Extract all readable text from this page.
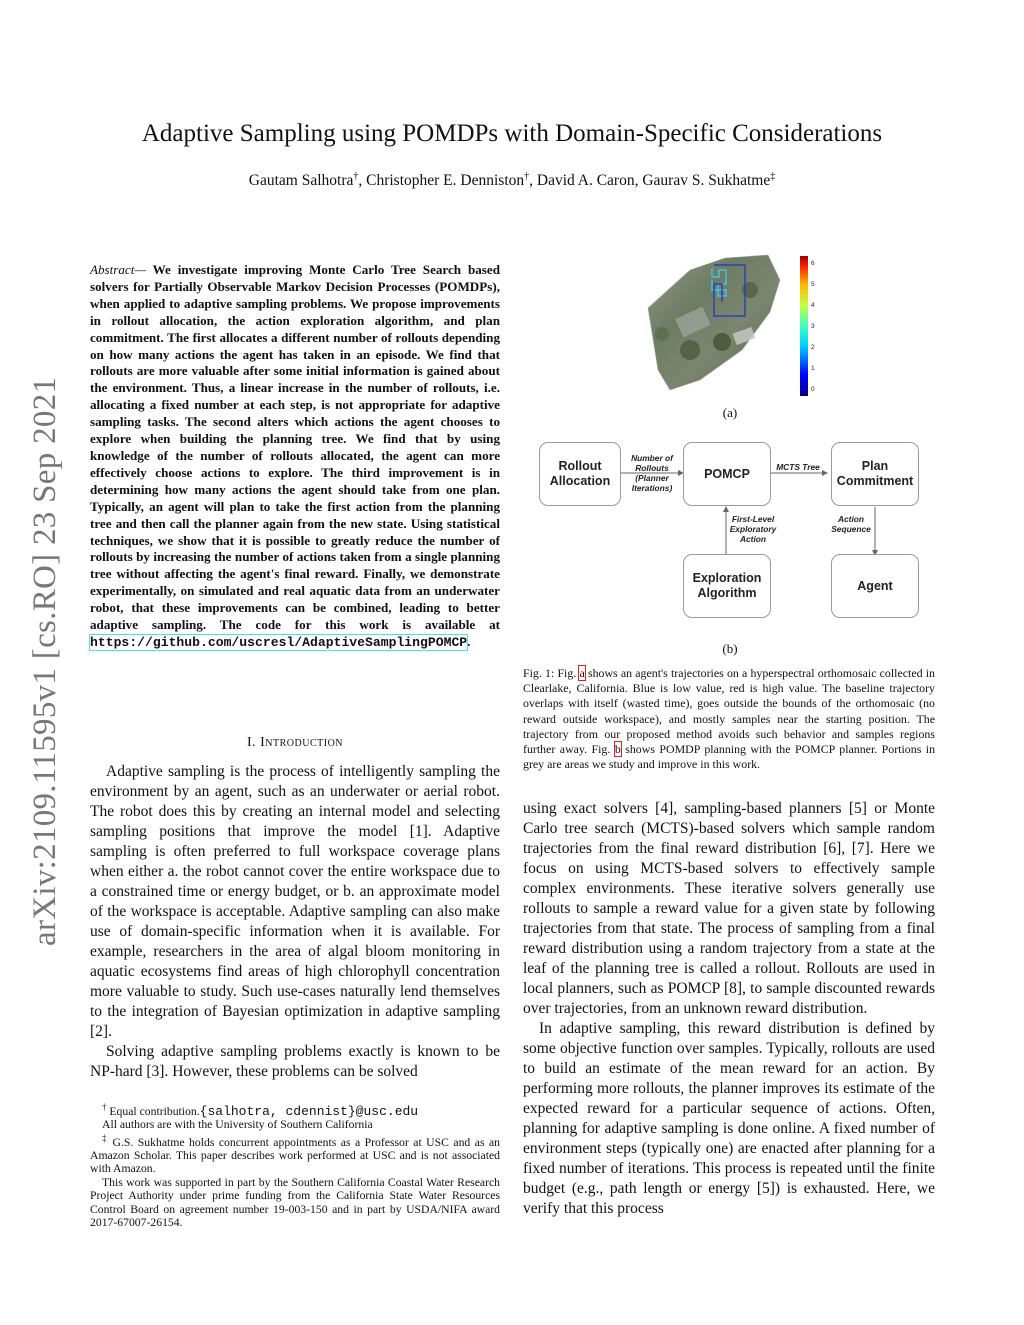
arXiv:2109.11595v1 [cs.RO] 23 Sep 2021
Adaptive Sampling using POMDPs with Domain-Specific Considerations
Gautam Salhotra†, Christopher E. Denniston†, David A. Caron, Gaurav S. Sukhatme‡
Abstract— We investigate improving Monte Carlo Tree Search based solvers for Partially Observable Markov Decision Processes (POMDPs), when applied to adaptive sampling problems. We propose improvements in rollout allocation, the action exploration algorithm, and plan commitment. The first allocates a different number of rollouts depending on how many actions the agent has taken in an episode. We find that rollouts are more valuable after some initial information is gained about the environment. Thus, a linear increase in the number of rollouts, i.e. allocating a fixed number at each step, is not appropriate for adaptive sampling tasks. The second alters which actions the agent chooses to explore when building the planning tree. We find that by using knowledge of the number of rollouts allocated, the agent can more effectively choose actions to explore. The third improvement is in determining how many actions the agent should take from one plan. Typically, an agent will plan to take the first action from the planning tree and then call the planner again from the new state. Using statistical techniques, we show that it is possible to greatly reduce the number of rollouts by increasing the number of actions taken from a single planning tree without affecting the agent's final reward. Finally, we demonstrate experimentally, on simulated and real aquatic data from an underwater robot, that these improvements can be combined, leading to better adaptive sampling. The code for this work is available at https://github.com/uscresl/AdaptiveSamplingPOMCP.
I. Introduction

Adaptive sampling is the process of intelligently sampling the environment by an agent, such as an underwater or aerial robot. The robot does this by creating an internal model and selecting sampling positions that improve the model [1]. Adaptive sampling is often preferred to full workspace coverage plans when either a. the robot cannot cover the entire workspace due to a constrained time or energy budget, or b. an approximate model of the workspace is acceptable. Adaptive sampling can also make use of domain-specific information when it is available. For example, researchers in the area of algal bloom monitoring in aquatic ecosystems find areas of high chlorophyll concentration more valuable to study. Such use-cases naturally lend themselves to the integration of Bayesian optimization in adaptive sampling [2].

Solving adaptive sampling problems exactly is known to be NP-hard [3]. However, these problems can be solved

† Equal contribution.{salhotra, cdennist}@usc.edu

All authors are with the University of Southern California

‡ G.S. Sukhatme holds concurrent appointments as a Professor at USC and as an Amazon Scholar. This paper describes work performed at USC and is not associated with Amazon.

This work was supported in part by the Southern California Coastal Water Research Project Authority under prime funding from the California State Water Resources Control Board on agreement number 19-003-150 and in part by USDA/NIFA award 2017-67007-26154.

6
5
4
3
2
1
0
(a)
Rollout Allocation
POMCP
Plan Commitment
Exploration Algorithm
Agent
Number of Rollouts (Planner Iterations)
MCTS Tree
First-Level Exploratory Action
Action Sequence
(b)
Fig. 1: Fig. a shows an agent's trajectories on a hyperspectral orthomosaic collected in Clearlake, California. Blue is low value, red is high value. The baseline trajectory overlaps with itself (wasted time), goes outside the bounds of the orthomosaic (no reward outside workspace), and mostly samples near the starting position. The trajectory from our proposed method avoids such behavior and samples regions further away. Fig. b shows POMDP planning with the POMCP planner. Portions in grey are areas we study and improve in this work.

using exact solvers [4], sampling-based planners [5] or Monte Carlo tree search (MCTS)-based solvers which sample random trajectories from the final reward distribution [6], [7]. Here we focus on using MCTS-based solvers to effectively sample complex environments. These iterative solvers generally use rollouts to sample a reward value for a given state by following trajectories from that state. The process of sampling from a final reward distribution using a random trajectory from a state at the leaf of the planning tree is called a rollout. Rollouts are used in local planners, such as POMCP [8], to sample discounted rewards over trajectories, from an unknown reward distribution.

In adaptive sampling, this reward distribution is defined by some objective function over samples. Typically, rollouts are used to build an estimate of the mean reward for an action. By performing more rollouts, the planner improves its estimate of the expected reward for a particular sequence of actions. Often, planning for adaptive sampling is done online. A fixed number of environment steps (typically one) are enacted after planning for a fixed number of iterations. This process is repeated until the finite budget (e.g., path length or energy [5]) is exhausted. Here, we verify that this process
